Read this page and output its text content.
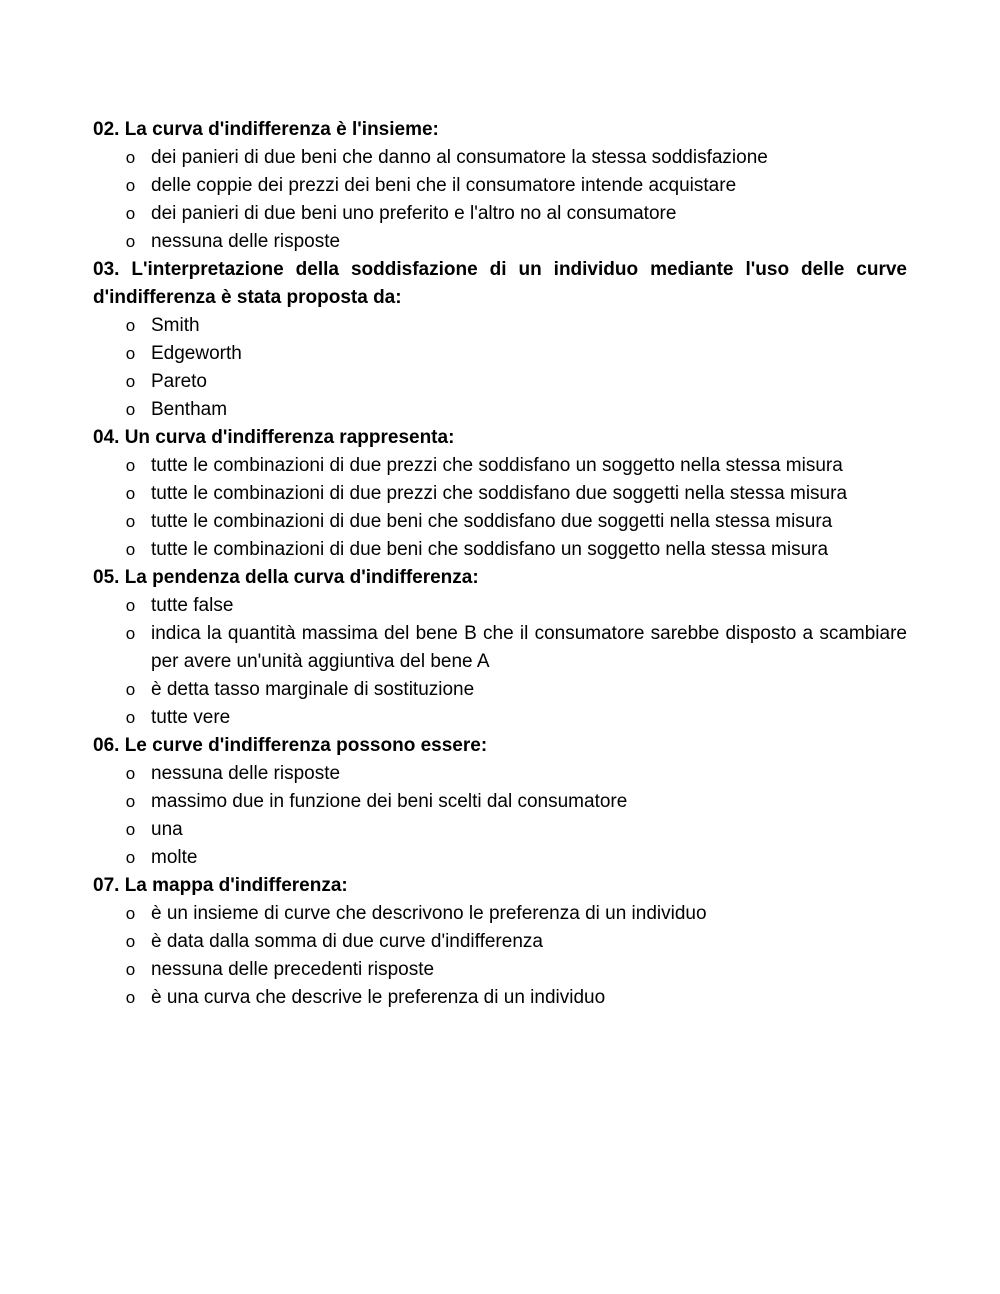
02. La curva d'indifferenza è l'insieme:

o dei panieri di due beni che danno al consumatore la stessa soddisfazione
o delle coppie dei prezzi dei beni che il consumatore intende acquistare
o dei panieri di due beni uno preferito e l'altro no al consumatore
o nessuna delle risposte

03. L'interpretazione della soddisfazione di un individuo mediante l'uso delle curve d'indifferenza è stata proposta da:

o Smith
o Edgeworth
o Pareto
o Bentham

04. Un curva d'indifferenza rappresenta:

o tutte le combinazioni di due prezzi che soddisfano un soggetto nella stessa misura
o tutte le combinazioni di due prezzi che soddisfano due soggetti nella stessa misura
o tutte le combinazioni di due beni che soddisfano due soggetti nella stessa misura
o tutte le combinazioni di due beni che soddisfano un soggetto nella stessa misura

05. La pendenza della curva d'indifferenza:

o tutte false
o indica la quantità massima del bene B che il consumatore sarebbe disposto a scambiare per avere un'unità aggiuntiva del bene A
o è detta tasso marginale di sostituzione
o tutte vere

06. Le curve d'indifferenza possono essere:

o nessuna delle risposte
o massimo due in funzione dei beni scelti dal consumatore
o una
o molte

07. La mappa d'indifferenza:

o è un insieme di curve che descrivono le preferenza di un individuo
o è data dalla somma di due curve d'indifferenza
o nessuna delle precedenti risposte
o è una curva che descrive le preferenza di un individuo
